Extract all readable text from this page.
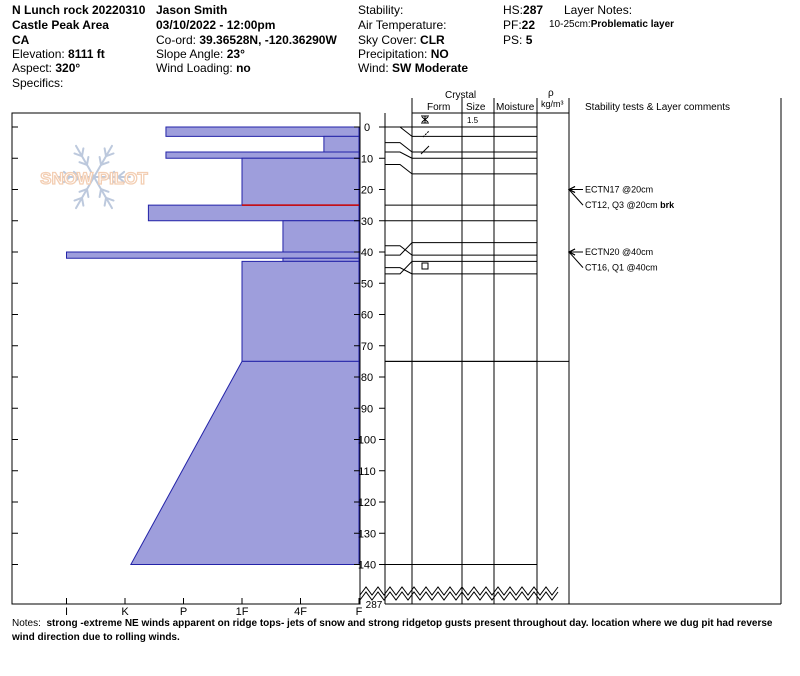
N Lunch rock 20220310
Castle Peak Area
CA
Elevation: 8111 ft
Aspect: 320°
Specifics:
Jason Smith
03/10/2022 - 12:00pm
Co-ord: 39.36528N, -120.36290W
Slope Angle: 23°
Wind Loading: no
Stability:
Air Temperature:
Sky Cover: CLR
Precipitation: NO
Wind: SW Moderate
HS:287
PF:22
PS: 5
Layer Notes:
10-25cm:Problematic layer
SNOW PILOT
0
10
20
30
40
50
60
70
80
90
100
110
120
130
140
287
I	K	P	1F	4F	F
ECTN17 @20cm
CT12, Q3 @20cm brk
ECTN20 @40cm
CT16, Q1 @40cm
Form
Crystal
Size Moisture
ρ
kg/m³ Stability tests & Layer comments
1.5
Notes: strong -extreme NE winds apparent on ridge tops- jets of snow and strong ridgetop gusts present throughout day. location where we dug pit had reverse wind direction due to rolling winds.
